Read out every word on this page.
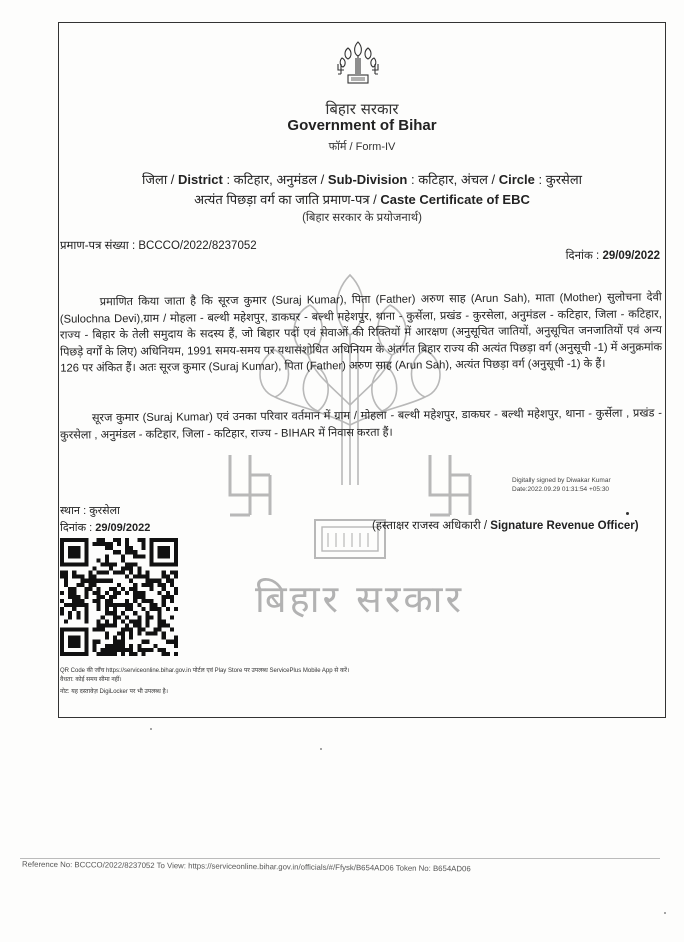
बिहार सरकार
बिहार सरकार
Government of Bihar
फॉर्म / Form-IV
जिला / District : कटिहार, अनुमंडल / Sub-Division : कटिहार, अंचल / Circle : कुरसेला
अत्यंत पिछड़ा वर्ग का जाति प्रमाण-पत्र / Caste Certificate of EBC
(बिहार सरकार के प्रयोजनार्थ)
प्रमाण-पत्र संख्या : BCCCO/2022/8237052
दिनांक : 29/09/2022
प्रमाणित किया जाता है कि सूरज कुमार (Suraj Kumar), पिता (Father) अरुण साह (Arun Sah), माता (Mother) सुलोचना देवी (Sulochna Devi),ग्राम / मोहला - बल्थी महेशपुर, डाकघर - बल्थी महेशपुर, थाना - कुर्सेला, प्रखंड - कुरसेला, अनुमंडल - कटिहार, जिला - कटिहार, राज्य - बिहार के तेली समुदाय के सदस्य हैं, जो बिहार पदों एवं सेवाओं की रिक्तियों में आरक्षण (अनुसूचित जातियों, अनुसूचित जनजातियों एवं अन्य पिछड़े वर्गों के लिए) अधिनियम, 1991 समय-समय पर यथासंशोधित अधिनियम के अंतर्गत बिहार राज्य की अत्यंत पिछड़ा वर्ग (अनुसूची -1) में अनुक्रमांक 126 पर अंकित हैं। अतः सूरज कुमार (Suraj Kumar), पिता (Father) अरुण साह (Arun Sah), अत्यंत पिछड़ा वर्ग (अनुसूची -1) के हैं।
सूरज कुमार (Suraj Kumar) एवं उनका परिवार वर्तमान में ग्राम / मोहला - बल्थी महेशपुर, डाकघर - बल्थी महेशपुर, थाना - कुर्सेला , प्रखंड - कुरसेला , अनुमंडल - कटिहार, जिला - कटिहार, राज्य - BIHAR में निवास करता हैं।
Digitally signed by Diwakar Kumar
Date:2022.09.29 01:31:54 +05:30
स्थान : कुरसेला
दिनांक : 29/09/2022	(हस्ताक्षर राजस्व अधिकारी / Signature Revenue Officer)
QR Code की जाँच https://serviceonline.bihar.gov.in पोर्टल एवं Play Store पर उपलब्ध ServicePlus Mobile App से करें।
वैधता: कोई समय सीमा नहीं।
नोट: यह दस्तावेज़ DigiLocker पर भी उपलब्ध है।
Reference No: BCCCO/2022/8237052 To View: https://serviceonline.bihar.gov.in/officials/#/Ffysk/B654AD06 Token No: B654AD06
